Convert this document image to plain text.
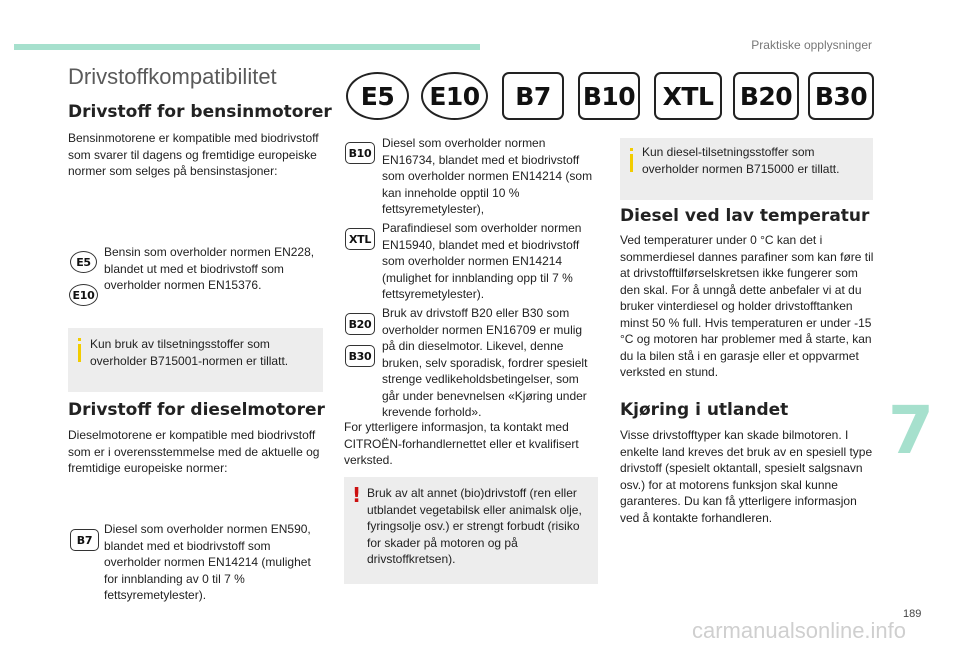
Praktiske opplysninger
Drivstoffkompatibilitet
E5	E10	B7	B10	XTL	B20 B30
Drivstoff for bensinmotorer

Bensinmotorene er kompatible med biodrivstoff som svarer til dagens og fremtidige europeiske normer som selges på bensinstasjoner:

E5
E10

Bensin som overholder normen EN228, blandet ut med et biodrivstoff som overholder normen EN15376.

Kun bruk av tilsetningsstoffer som overholder B715001-normen er tillatt.

Drivstoff for dieselmotorer

Dieselmotorene er kompatible med biodrivstoff som er i overensstemmelse med de aktuelle og fremtidige europeiske normer:

B7

Diesel som overholder normen EN590, blandet med et biodrivstoff som overholder normen EN14214 (mulighet for innblanding av 0 til 7 % fettsyremetylester).

B10

Diesel som overholder normen EN16734, blandet med et biodrivstoff som overholder normen EN14214 (som kan inneholde opptil 10 % fettsyremetylester),

XTL

Parafindiesel som overholder normen EN15940, blandet med et biodrivstoff som overholder normen EN14214 (mulighet for innblanding opp til 7 % fettsyremetylester).

B20
B30

Bruk av drivstoff B20 eller B30 som overholder normen EN16709 er mulig på din dieselmotor. Likevel, denne bruken, selv sporadisk, fordrer spesielt strenge vedlikeholdsbetingelser, som går under benevnelsen «Kjøring under krevende forhold».

For ytterligere informasjon, ta kontakt med CITROËN-forhandlernettet eller et kvalifisert verksted.

! Bruk av alt annet (bio)drivstoff (ren eller utblandet vegetabilsk eller animalsk olje, fyringsolje osv.) er strengt forbudt (risiko for skader på motoren og på drivstoffkretsen).

Kun diesel-tilsetningsstoffer som overholder normen B715000 er tillatt.

Diesel ved lav temperatur

Ved temperaturer under 0 °C kan det i sommerdiesel dannes parafiner som kan føre til at drivstofftilførselskretsen ikke fungerer som den skal. For å unngå dette anbefaler vi at du bruker vinterdiesel og holder drivstofftanken minst 50 % full. Hvis temperaturen er under -15 °C og motoren har problemer med å starte, kan du la bilen stå i en garasje eller et oppvarmet verksted en stund.

Kjøring i utlandet

Visse drivstofftyper kan skade bilmotoren. I enkelte land kreves det bruk av en spesiell type drivstoff (spesielt oktantall, spesielt salgsnavn osv.) for at motorens funksjon skal kunne garanteres. Du kan få ytterligere informasjon ved å kontakte forhandleren.

7
189
carmanualsonline.info
